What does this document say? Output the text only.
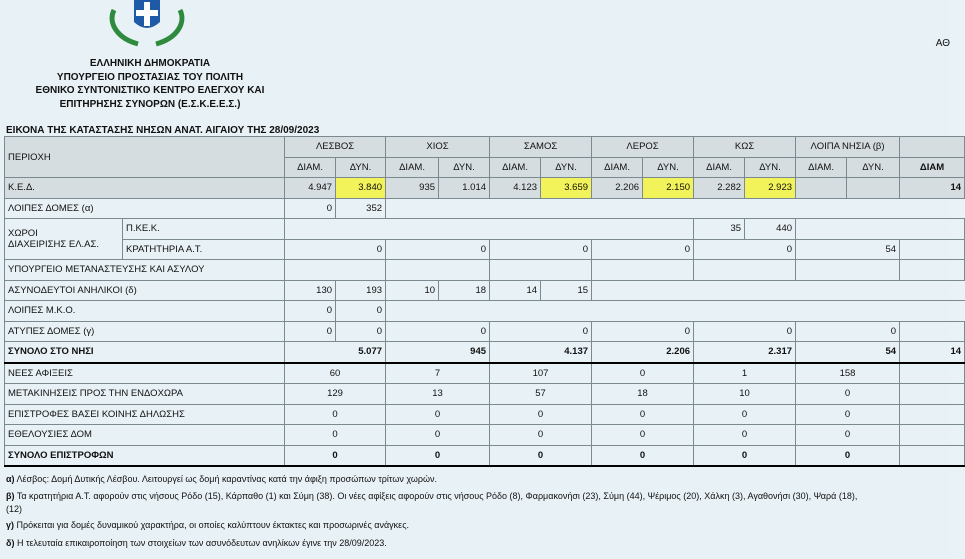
ΕΛΛΗΝΙΚΗ ΔΗΜΟΚΡΑΤΙΑ
ΥΠΟΥΡΓΕΙΟ ΠΡΟΣΤΑΣΙΑΣ ΤΟΥ ΠΟΛΙΤΗ
ΕΘΝΙΚΟ ΣΥΝΤΟΝΙΣΤΙΚΟ ΚΕΝΤΡΟ ΕΛΕΓΧΟΥ ΚΑΙ
ΕΠΙΤΗΡΗΣΗΣ ΣΥΝΟΡΩΝ (Ε.Σ.Κ.Ε.Ε.Σ.)
ΑΘ
ΕΙΚΟΝΑ ΤΗΣ ΚΑΤΑΣΤΑΣΗΣ ΝΗΣΩΝ ΑΝΑΤ. ΑΙΓΑΙΟΥ ΤΗΣ 28/09/2023
ΠΕΡΙΟΧΗ		ΛΕΣΒΟΣ		ΧΙΟΣ		ΣΑΜΟΣ		ΛΕΡΟΣ		ΚΩΣ		ΛΟΙΠΑ ΝΗΣΙΑ (β)		
		ΔΙΑΜ.	ΔΥΝ.	ΔΙΑΜ.	ΔΥΝ.	ΔΙΑΜ.	ΔΥΝ.	ΔΙΑΜ.	ΔΥΝ.	ΔΙΑΜ.	ΔΥΝ.	ΔΙΑΜ.	ΔΥΝ.	ΔΙΑΜ
Κ.Ε.Δ.		4.947	3.840	935	1.014	4.123	3.659	2.206	2.150	2.282	2.923			14
ΛΟΙΠΕΣ ΔΟΜΕΣ (α)		0	352											

ΧΩΡΟΙ
ΔΙΑΧΕΙΡΙΣΗΣ ΕΛ.ΑΣ.	Π.ΚΕ.Κ.									35	440			
	ΚΡΑΤΗΤΗΡΙΑ Α.Τ.	0		0		0		0		0		54		
ΥΠΟΥΡΓΕΙΟ ΜΕΤΑΝΑΣΤΕΥΣΗΣ ΚΑΙ ΑΣΥΛΟΥ														
ΑΣΥΝΟΔΕΥΤΟΙ ΑΝΗΛΙΚΟΙ (δ)		130	193	10	18	14	15							
ΛΟΙΠΕΣ Μ.Κ.Ο.		0	0											
ΑΤΥΠΕΣ ΔΟΜΕΣ (γ)		0	0	0		0		0		0		0		
ΣΥΝΟΛΟ ΣΤΟ ΝΗΣΙ		5.077		945		4.137		2.206		2.317		54		14
ΝΕΕΣ ΑΦΙΞΕΙΣ		60		7		107		0		1		158		
ΜΕΤΑΚΙΝΗΣΕΙΣ ΠΡΟΣ ΤΗΝ ΕΝΔΟΧΩΡΑ		129		13		57		18		10		0		
ΕΠΙΣΤΡΟΦΕΣ ΒΑΣΕΙ ΚΟΙΝΗΣ ΔΗΛΩΣΗΣ		0		0		0		0		0		0		
ΕΘΕΛΟΥΣΙΕΣ ΔΟΜ		0		0		0		0		0		0		
ΣΥΝΟΛΟ ΕΠΙΣΤΡΟΦΩΝ		0		0		0		0		0		0		
α) Λέσβος: Δομή Δυτικής Λέσβου. Λειτουργεί ως δομή καραντίνας κατά την άφιξη προσώπων τρίτων χωρών.
β) Τα κρατητήρια Α.Τ. αφορούν στις νήσους Ρόδο (15), Κάρπαθο (1) και Σύμη (38). Οι νέες αφίξεις αφορούν στις νήσους Ρόδο (8), Φαρμακονήσι (23), Σύμη (44), Ψέριμος (20), Χάλκη (3), Αγαθονήσι (30), Ψαρά (18),
(12)
γ) Πρόκειται για δομές δυναμικού χαρακτήρα, οι οποίες καλύπτουν έκτακτες και προσωρινές ανάγκες.
δ) Η τελευταία επικαιροποίηση των στοιχείων των ασυνόδευτων ανηλίκων έγινε την 28/09/2023.
